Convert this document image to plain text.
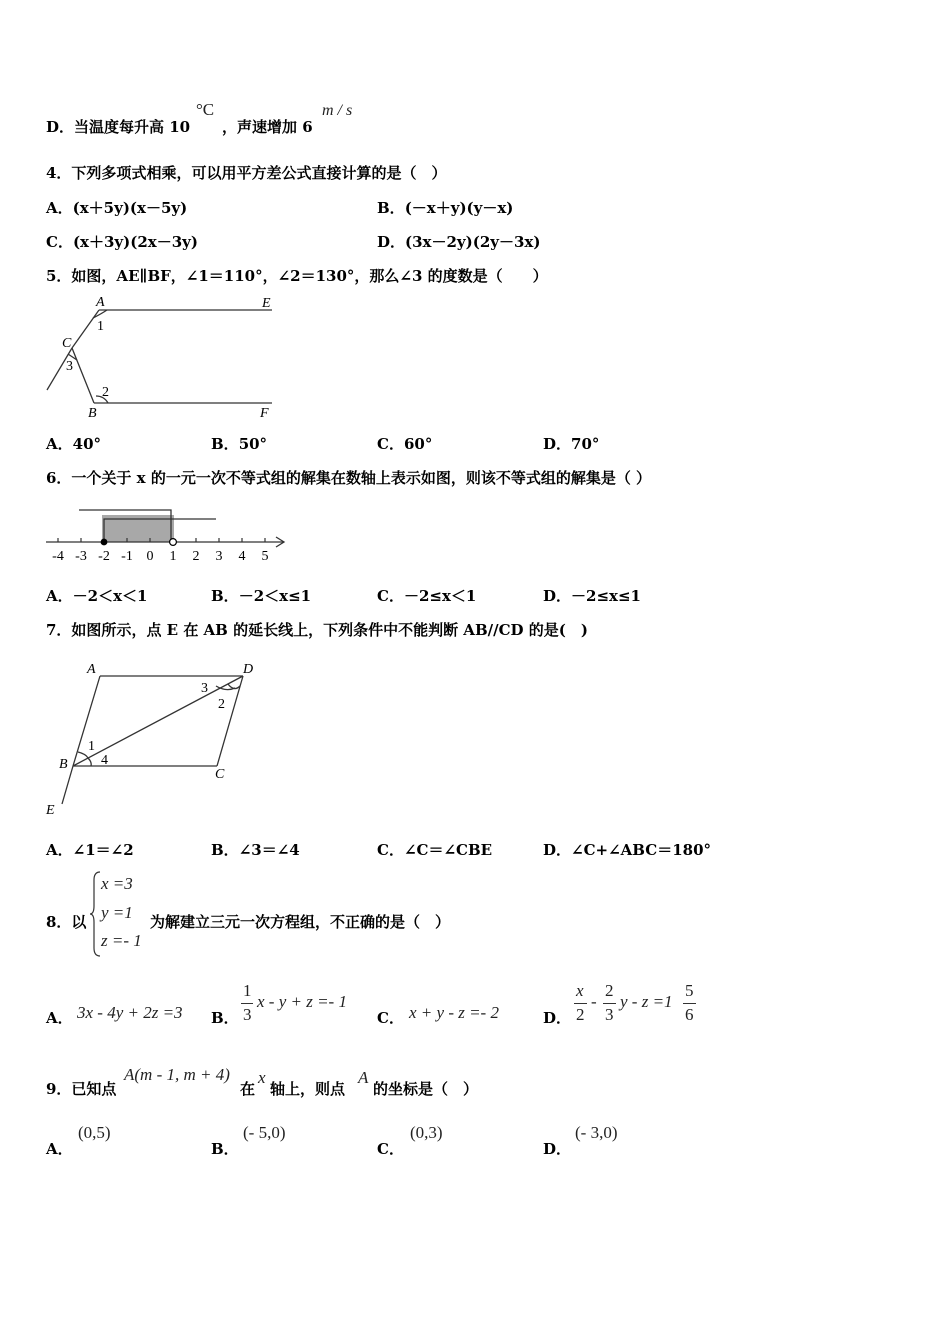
D．当温度每升高 10
°C
，声速增加 6
m / s
4．下列多项式相乘，可以用平方差公式直接计算的是（　）
A．(x＋5y)(x－5y)	B．(－x＋y)(y－x)
C．(x＋3y)(2x－3y)	D．(3x－2y)(2y－3x)
5．如图，AE∥BF，∠1＝110°，∠2＝130°，那么∠3 的度数是（　　）
A	E
C
B	F
1
2
3
A．40°	B．50°	C．60°	D．70°
6．一个关于 x 的一元一次不等式组的解集在数轴上表示如图，则该不等式组的解集是（ ）
-4 -3 -2 -1 0 1 2 3 4 5
A．－2＜x＜1	B．－2＜x≤1	C．－2≤x＜1	D．－2≤x≤1
7．如图所示，点 E 在 AB 的延长线上，下列条件中不能判断 AB//CD 的是(　)
A	D
B
C
E
1
2
3
4
A．∠1＝∠2	B．∠3＝∠4	C．∠C＝∠CBE	D．∠C+∠ABC＝180°
8．以
x =3
y =1
z =- 1
为解建立三元一次方程组，不正确的是（　）
A． 3x - 4y + 2z =3 B．
1
3
x - y + z =- 1
C． x + y - z =- 2	D．
x
2
-
2
3
y - z =1
5
6
9．已知点
A(m - 1, m + 4)
在
x
轴上，则点
A
的坐标是（　）
A．
(0,5)
B．
(- 5,0)
C．
(0,3)
D．
(- 3,0)
